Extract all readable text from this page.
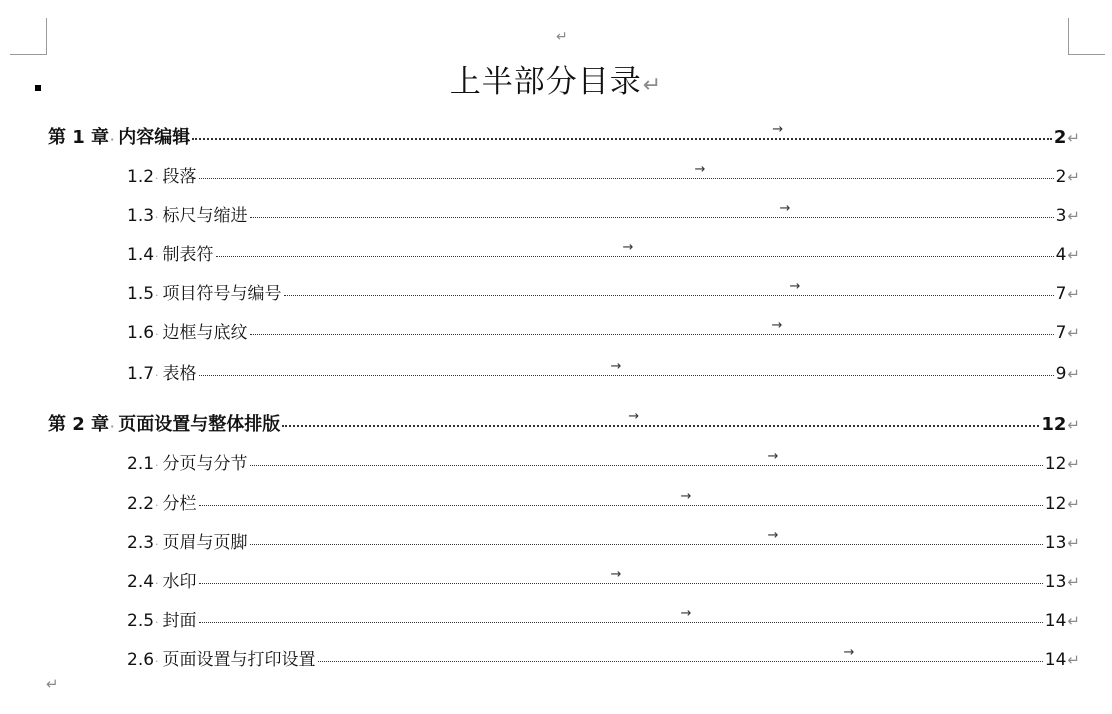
↵
上半部分目录↵
第 1 章 · 内容编辑	→	2 ↵
1.2 · 段落	→	2 ↵
1.3 · 标尺与缩进	→	3 ↵
1.4 · 制表符	→	4 ↵
1.5 · 项目符号与编号	→	7 ↵
1.6 · 边框与底纹	→	7 ↵
1.7 · 表格	→	9 ↵
第 2 章 · 页面设置与整体排版	→	12 ↵
2.1 · 分页与分节	→	12 ↵
2.2 · 分栏	→	12 ↵
2.3 · 页眉与页脚	→	13 ↵
2.4 · 水印	→	13 ↵
2.5 · 封面	→	14 ↵
2.6 · 页面设置与打印设置	→	14 ↵
↵
